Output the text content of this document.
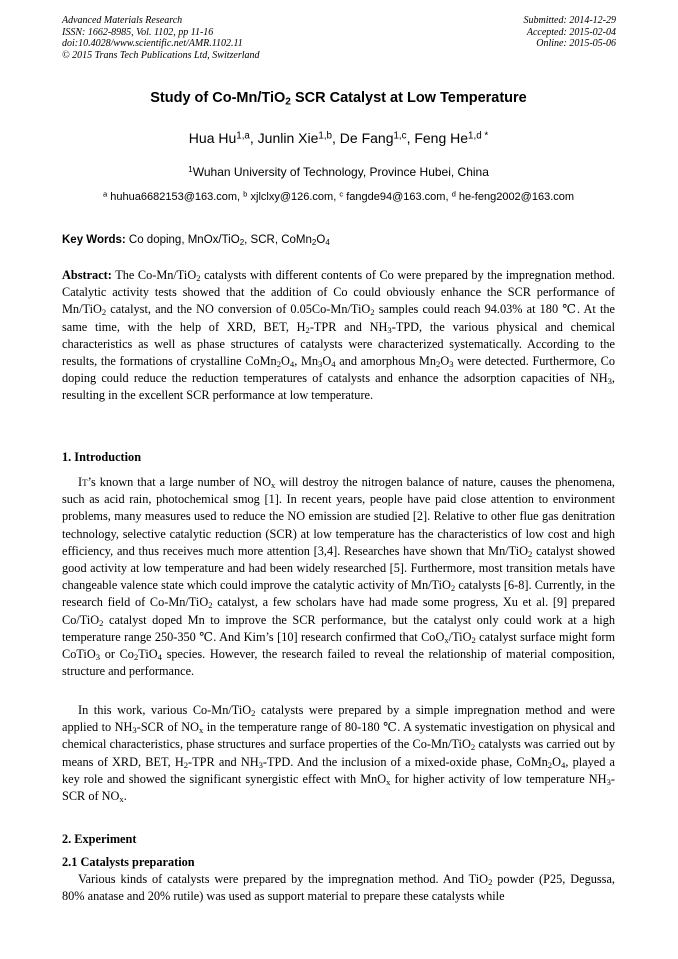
Advanced Materials Research
ISSN: 1662-8985, Vol. 1102, pp 11-16
doi:10.4028/www.scientific.net/AMR.1102.11
© 2015 Trans Tech Publications Ltd, Switzerland
Submitted: 2014-12-29
Accepted: 2015-02-04
Online: 2015-05-06
Study of Co-Mn/TiO$_2$ SCR Catalyst at Low Temperature
Hua Hu$^{1,a}$, Junlin Xie$^{1,b}$, De Fang$^{1,c}$, Feng $He^{1,d *}$
$^1$Wuhan University of Technology, Province Hubei, China
$^a$ huhua6682153@163.com, $^b$ xjlclxy@126.com, $^c$ fangde94@163.com, $^d$ he-feng2002@163.com
Key Words: Co doping, MnOx/TiO$_2$, SCR, $CoMn_2O_4$

Abstract: The Co-Mn/TiO$_2$ catalysts with different contents of Co were prepared by the impregnation method. Catalytic activity tests showed that the addition of Co could obviously enhance the SCR performance of Mn/TiO$_2$ catalyst, and the NO conversion of 0.05Co-Mn/TiO$_2$ samples could reach 94.03% at 180 ℃. At the same time, with the help of XRD, BET, $H_2$-TPR and $NH_3$-TPD, the various physical and chemical characteristics as well as phase structures of catalysts were characterized systematically. According to the results, the formations of crystalline $CoMn_2O_4$, $Mn_3O_4$ and amorphous $Mn_2O_3$ were detected. Furthermore, Co doping could reduce the reduction temperatures of catalysts and enhance the adsorption capacities of $NH_3$, resulting in the excellent SCR performance at low temperature.

1. Introduction

It’s known that a large number of $NO_x$ will destroy the nitrogen balance of nature, causes the phenomena, such as acid rain, photochemical smog [1]. In recent years, people have paid close attention to environment problems, many measures used to reduce the NO emission are studied [2]. Relative to other flue gas denitration technology, selective catalytic reduction (SCR) at low temperature has the characteristics of low cost and high efficiency, and thus receives much more attention [3,4]. Researches have shown that Mn/TiO$_2$ catalyst showed good activity at low temperature and had been widely researched [5]. Furthermore, most transition metals have changeable valence state which could improve the catalytic activity of Mn/TiO$_2$ catalysts [6-8]. Currently, in the research field of Co-Mn/TiO$_2$ catalyst, a few scholars have had made some progress, Xu et al. [9] prepared Co/TiO$_2$ catalyst doped Mn to improve the SCR performance, but the catalyst only could work at a high temperature range 250-350 ℃. And Kim’s [10] research confirmed that CoO$_x$/TiO$_2$ catalyst surface might form CoTiO$_3$ or $Co_2TiO_4$ species. However, the research failed to reveal the relationship of material composition, structure and performance.

In this work, various Co-Mn/TiO$_2$ catalysts were prepared by a simple impregnation method and were applied to $NH_3$-SCR of $NO_x$ in the temperature range of 80-180 ℃. A systematic investigation on physical and chemical characteristics, phase structures and surface properties of the Co-Mn/TiO$_2$ catalysts was carried out by means of XRD, BET, $H_2$-TPR and $NH_3$-TPD. And the inclusion of a mixed-oxide phase, $CoMn_2O_4$, played a key role and showed the significant synergistic effect with MnO$_x$ for higher activity of low temperature $NH_3$-SCR of $NO_x$.

2. Experiment
2.1 Catalysts preparation

Various kinds of catalysts were prepared by the impregnation method. And TiO$_2$ powder (P25, Degussa, 80% anatase and 20% rutile) was used as support material to prepare these catalysts while
